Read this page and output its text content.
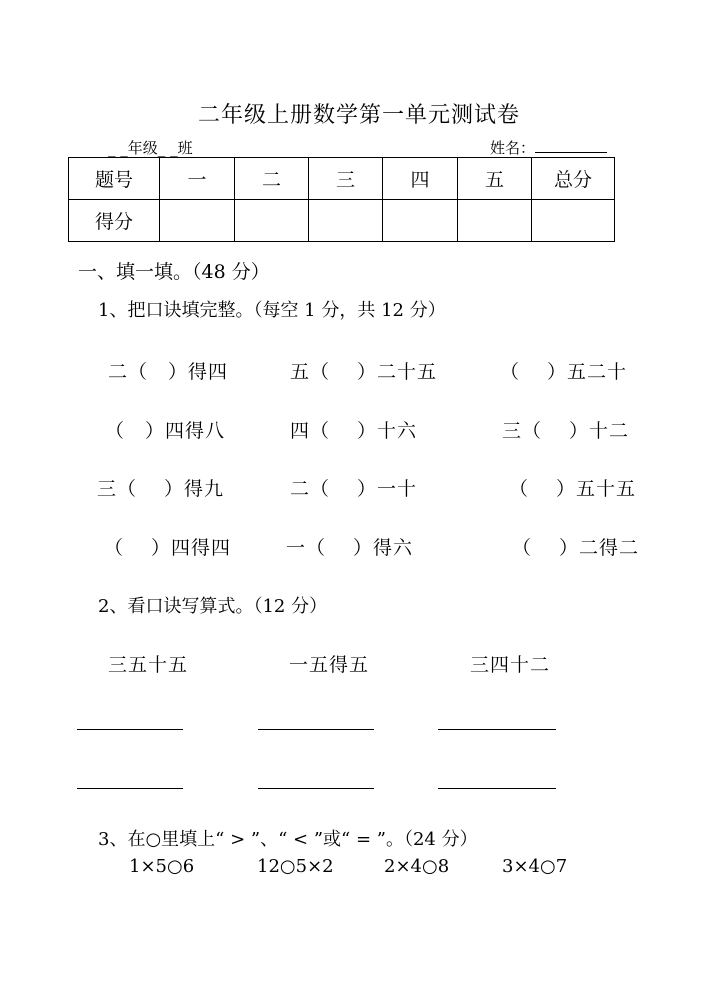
二年级上册数学第一单元测试卷
_ _年级_ _班	姓名：
题号	一	二	三	四	五	总分
得分						
一、填一填。（48 分）
1、把口诀填完整。（每空 1 分，共 12 分）
二（　）得四	五（　 ）二十五	（　 ）五二十
（　）四得八	四（　 ）十六	三（　 ）十二
三（　 ）得九	二（　 ）一十	（　 ）五十五
（　 ）四得四	一（　 ）得六	（　 ）二得二
2、看口诀写算式。（12 分）
三五十五	一五得五	三四十二
3、在○里填上“ > ”、“ < ”或“ = ”。（24 分）
1×5○6	12○5×2	2×4○8	3×4○7
